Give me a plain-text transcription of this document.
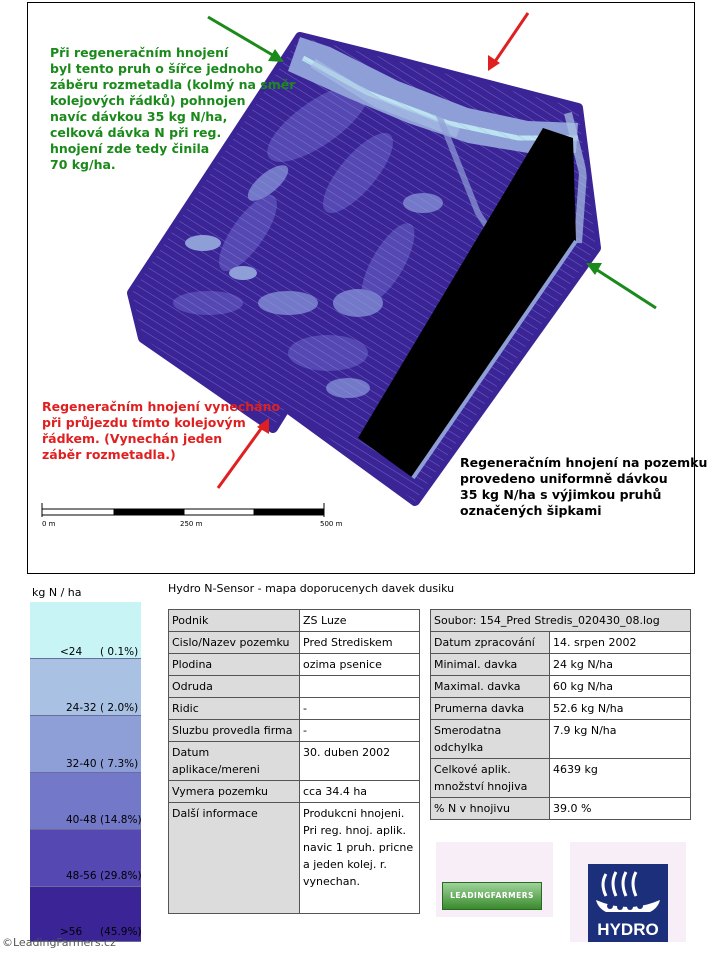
Při regeneračním hnojení
byl tento pruh o šířce jednoho
záběru rozmetadla (kolmý na směr
kolejových řádků) pohnojen
navíc dávkou 35 kg N/ha,
celková dávka N při reg.
hnojení zde tedy činila
70 kg/ha.
Regeneračním hnojení vynecháno
při průjezdu tímto kolejovým
řádkem. (Vynechán jeden
záběr rozmetadla.)
Regeneračním hnojení na pozemku
provedeno uniformně dávkou
35 kg N/ha s výjimkou pruhů
označených šipkami
0 m	250 m	500 m
kg N / ha
<24 ( 0.1%)
24-32 ( 2.0%)
32-40 ( 7.3%)
40-48 (14.8%)
48-56 (29.8%)
>56 (45.9%)
Hydro N-Sensor - mapa doporucenych davek dusiku
Podnik	ZS Luze
Cislo/Nazev pozemku	Pred Strediskem
Plodina	ozima psenice
Odruda	
Ridic	-
Sluzbu provedla firma	-
Datum aplikace/mereni	30. duben 2002
Vymera pozemku	cca 34.4 ha
Další informace	Produkcni hnojeni. Pri reg. hnoj. aplik. navic 1 pruh. pricne a jeden kolej. r. vynechan.
Soubor: 154_Pred Stredis_020430_08.log	
Datum zpracování	14. srpen 2002
Minimal. davka	24 kg N/ha
Maximal. davka	60 kg N/ha
Prumerna davka	52.6 kg N/ha
Smerodatna odchylka	7.9 kg N/ha
Celkové aplik. množství hnojiva	4639 kg
% N v hnojivu	39.0 %
LEADINGFARMERS
HYDRO
©LeadingFarmers.cz
